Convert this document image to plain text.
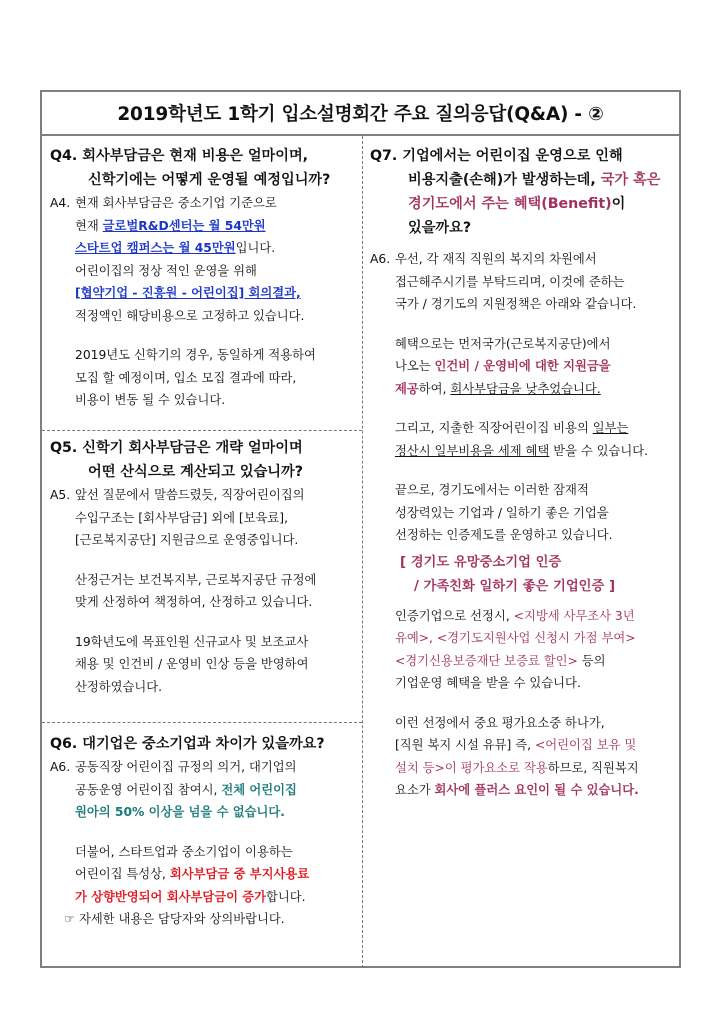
2019학년도 1학기 입소설명회간 주요 질의응답(Q&A) - ②
Q4. 회사부담금은 현재 비용은 얼마이며,
신학기에는 어떻게 운영될 예정입니까?
A4. 현재 회사부담금은 중소기업 기준으로
현재 글로벌R&D센터는 월 54만원
스타트업 캠퍼스는 월 45만원입니다.
어린이집의 정상 적인 운영을 위해
[협약기업 - 진흥원 - 어린이집] 회의결과,
적정액인 해당비용으로 고정하고 있습니다.
2019년도 신학기의 경우, 동일하게 적용하여
모집 할 예정이며, 입소 모집 결과에 따라,
비용이 변동 될 수 있습니다.
Q5. 신학기 회사부담금은 개략 얼마이며
어떤 산식으로 계산되고 있습니까?
A5. 앞선 질문에서 말씀드렸듯, 직장어린이집의
수입구조는 [회사부담금] 외에 [보육료],
[근로복지공단] 지원금으로 운영중입니다.
산정근거는 보건복지부, 근로복지공단 규정에
맞게 산정하여 책정하여, 산정하고 있습니다.
19학년도에 목표인원 신규교사 및 보조교사
채용 및 인건비 / 운영비 인상 등을 반영하여
산정하였습니다.
Q6. 대기업은 중소기업과 차이가 있을까요?
A6. 공동직장 어린이집 규정의 의거, 대기업의
공동운영 어린이집 참여시, 전체 어린이집
원아의 50% 이상을 넘을 수 없습니다.
더불어, 스타트업과 중소기업이 이용하는
어린이집 특성상, 회사부담금 중 부지사용료
가 상향반영되어 회사부담금이 증가합니다.
☞ 자세한 내용은 담당자와 상의바랍니다.
Q7. 기업에서는 어린이집 운영으로 인해
비용지출(손해)가 발생하는데, 국가 혹은
경기도에서 주는 혜택(Benefit)이
있을까요?
A6. 우선, 각 재직 직원의 복지의 차원에서
접근해주시기를 부탁드리며, 이것에 준하는
국가 / 경기도의 지원정책은 아래와 같습니다.
혜택으로는 먼저국가(근로복지공단)에서
나오는 인건비 / 운영비에 대한 지원금을
제공하여, 회사부담금을 낮추었습니다.
그리고, 지출한 직장어린이집 비용의 일부는
정산시 일부비용을 세제 혜택 받을 수 있습니다.
끝으로, 경기도에서는 이러한 잠재적
성장력있는 기업과 / 일하기 좋은 기업을
선정하는 인증제도를 운영하고 있습니다.
[ 경기도 유망중소기업 인증
/ 가족친화 일하기 좋은 기업인증 ]
인증기업으로 선정시, <지방세 사무조사 3년
유예>, <경기도지원사업 신청시 가점 부여>
<경기신용보증재단 보증료 할인> 등의
기업운영 혜택을 받을 수 있습니다.
이런 선정에서 중요 평가요소중 하나가,
[직원 복지 시설 유뮤] 즉, <어린이집 보유 및
설치 등>이 평가요소로 작용하므로, 직원복지
요소가 회사에 플러스 요인이 될 수 있습니다.
